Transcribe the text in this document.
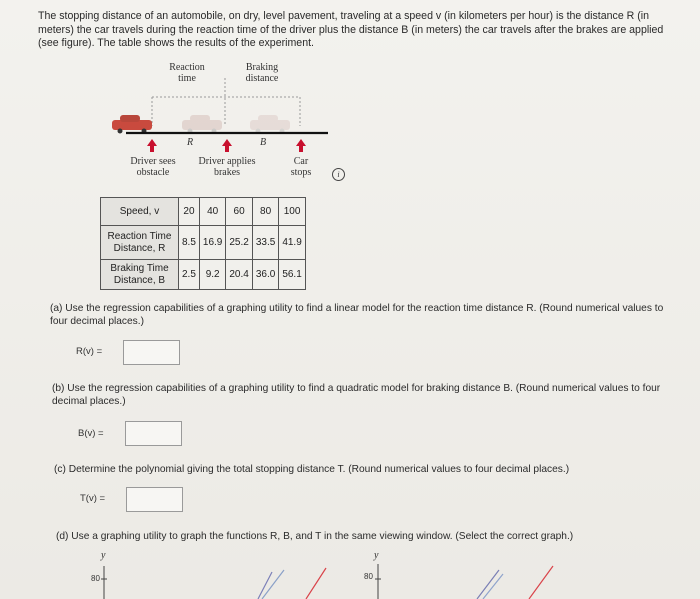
The stopping distance of an automobile, on dry, level pavement, traveling at a speed v (in kilometers per hour) is the distance R (in meters) the car travels during the reaction time of the driver plus the distance B (in meters) the car travels after the brakes are applied (see figure). The table shows the results of the experiment.
Reaction
time
Braking
distance
R	B
Driver sees
obstacle
Driver applies
brakes
Car
stops	i
Speed, v	20	40	60	80	100
Reaction Time
Distance, R	8.5	16.9	25.2	33.5	41.9
Braking Time
Distance, B	2.5	9.2	20.4	36.0	56.1
(a) Use the regression capabilities of a graphing utility to find a linear model for the reaction time distance R. (Round numerical values to four decimal places.)
R(v) =
(b) Use the regression capabilities of a graphing utility to find a quadratic model for braking distance B. (Round numerical values to four decimal places.)
B(v) =
(c) Determine the polynomial giving the total stopping distance T. (Round numerical values to four decimal places.)
T(v) =
(d) Use a graphing utility to graph the functions R, B, and T in the same viewing window. (Select the correct graph.)
y
80
y
80
